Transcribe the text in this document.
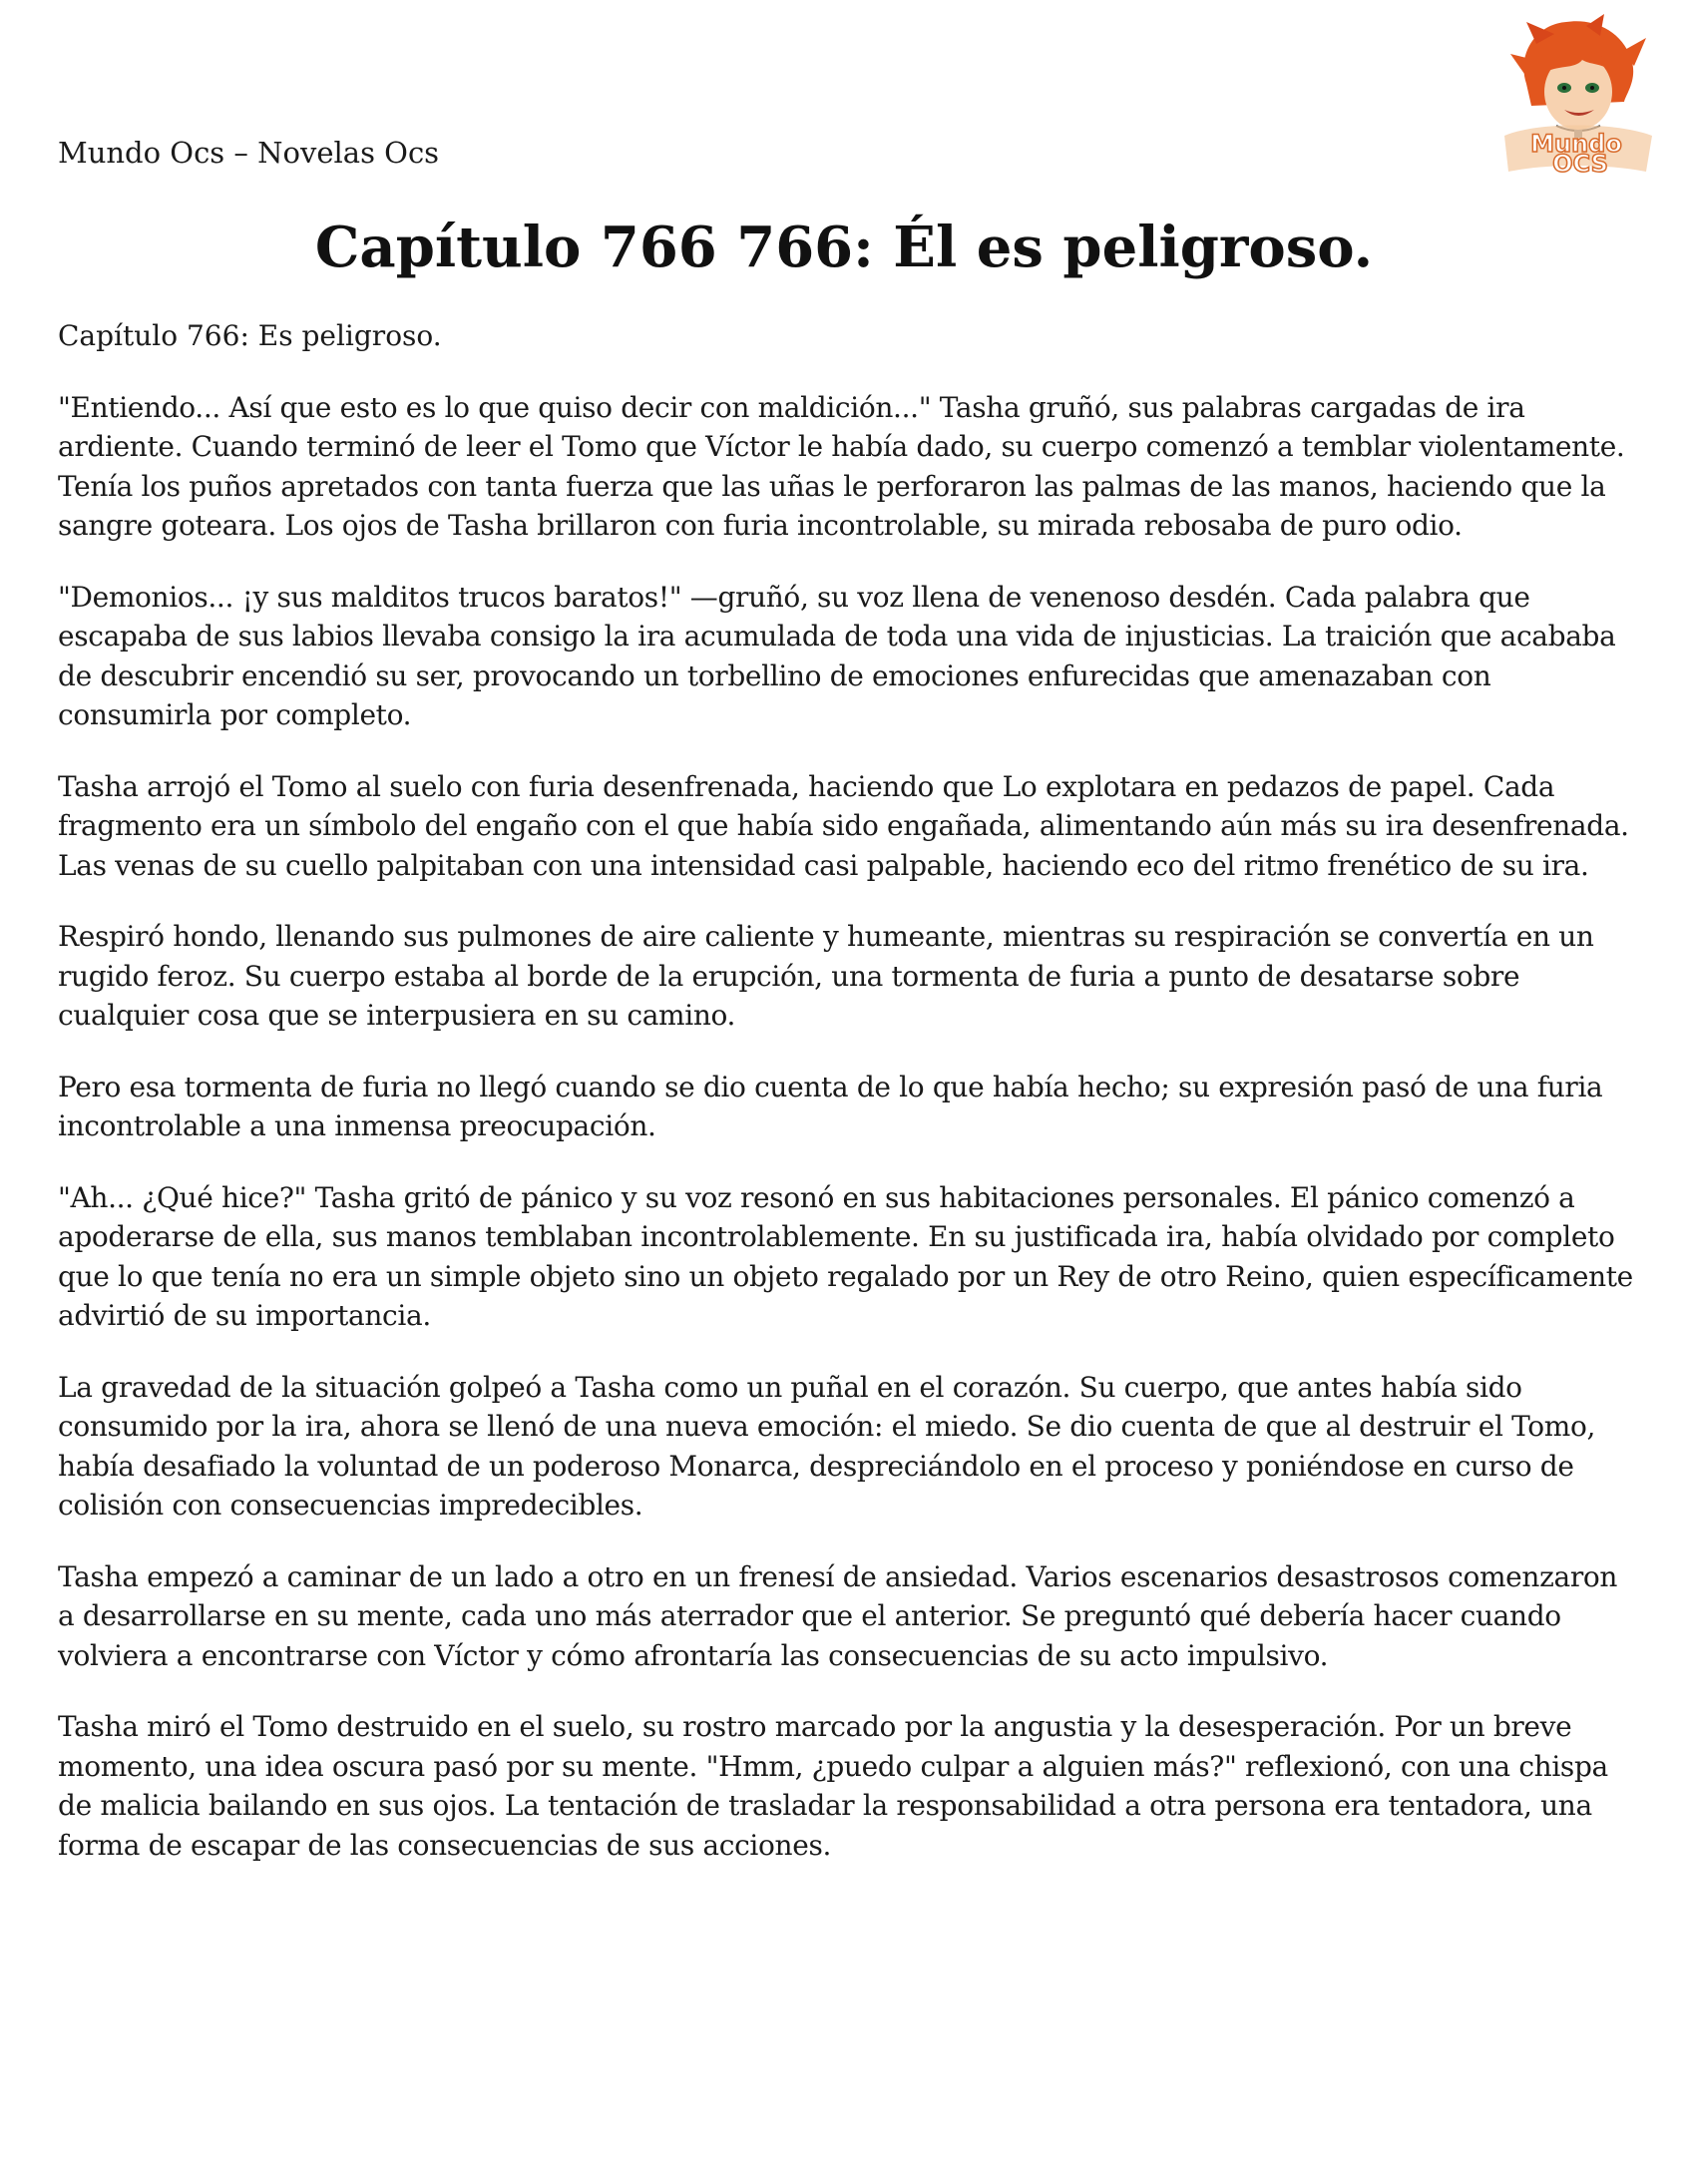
Mundo Ocs – Novelas Ocs	Mundo
OCS
Capítulo 766 766: Él es peligroso.

Capítulo 766: Es peligroso.

"Entiendo... Así que esto es lo que quiso decir con maldición..." Tasha gruñó, sus palabras cargadas de ira ardiente. Cuando terminó de leer el Tomo que Víctor le había dado, su cuerpo comenzó a temblar violentamente. Tenía los puños apretados con tanta fuerza que las uñas le perforaron las palmas de las manos, haciendo que la sangre goteara. Los ojos de Tasha brillaron con furia incontrolable, su mirada rebosaba de puro odio.

"Demonios... ¡y sus malditos trucos baratos!" —gruñó, su voz llena de venenoso desdén. Cada palabra que escapaba de sus labios llevaba consigo la ira acumulada de toda una vida de injusticias. La traición que acababa de descubrir encendió su ser, provocando un torbellino de emociones enfurecidas que amenazaban con consumirla por completo.

Tasha arrojó el Tomo al suelo con furia desenfrenada, haciendo que Lo explotara en pedazos de papel. Cada fragmento era un símbolo del engaño con el que había sido engañada, alimentando aún más su ira desenfrenada. Las venas de su cuello palpitaban con una intensidad casi palpable, haciendo eco del ritmo frenético de su ira.

Respiró hondo, llenando sus pulmones de aire caliente y humeante, mientras su respiración se convertía en un rugido feroz. Su cuerpo estaba al borde de la erupción, una tormenta de furia a punto de desatarse sobre cualquier cosa que se interpusiera en su camino.

Pero esa tormenta de furia no llegó cuando se dio cuenta de lo que había hecho; su expresión pasó de una furia incontrolable a una inmensa preocupación.

"Ah... ¿Qué hice?" Tasha gritó de pánico y su voz resonó en sus habitaciones personales. El pánico comenzó a apoderarse de ella, sus manos temblaban incontrolablemente. En su justificada ira, había olvidado por completo que lo que tenía no era un simple objeto sino un objeto regalado por un Rey de otro Reino, quien específicamente advirtió de su importancia.

La gravedad de la situación golpeó a Tasha como un puñal en el corazón. Su cuerpo, que antes había sido consumido por la ira, ahora se llenó de una nueva emoción: el miedo. Se dio cuenta de que al destruir el Tomo, había desafiado la voluntad de un poderoso Monarca, despreciándolo en el proceso y poniéndose en curso de colisión con consecuencias impredecibles.

Tasha empezó a caminar de un lado a otro en un frenesí de ansiedad. Varios escenarios desastrosos comenzaron a desarrollarse en su mente, cada uno más aterrador que el anterior. Se preguntó qué debería hacer cuando volviera a encontrarse con Víctor y cómo afrontaría las consecuencias de su acto impulsivo.

Tasha miró el Tomo destruido en el suelo, su rostro marcado por la angustia y la desesperación. Por un breve momento, una idea oscura pasó por su mente. "Hmm, ¿puedo culpar a alguien más?" reflexionó, con una chispa de malicia bailando en sus ojos. La tentación de trasladar la responsabilidad a otra persona era tentadora, una forma de escapar de las consecuencias de sus acciones.
